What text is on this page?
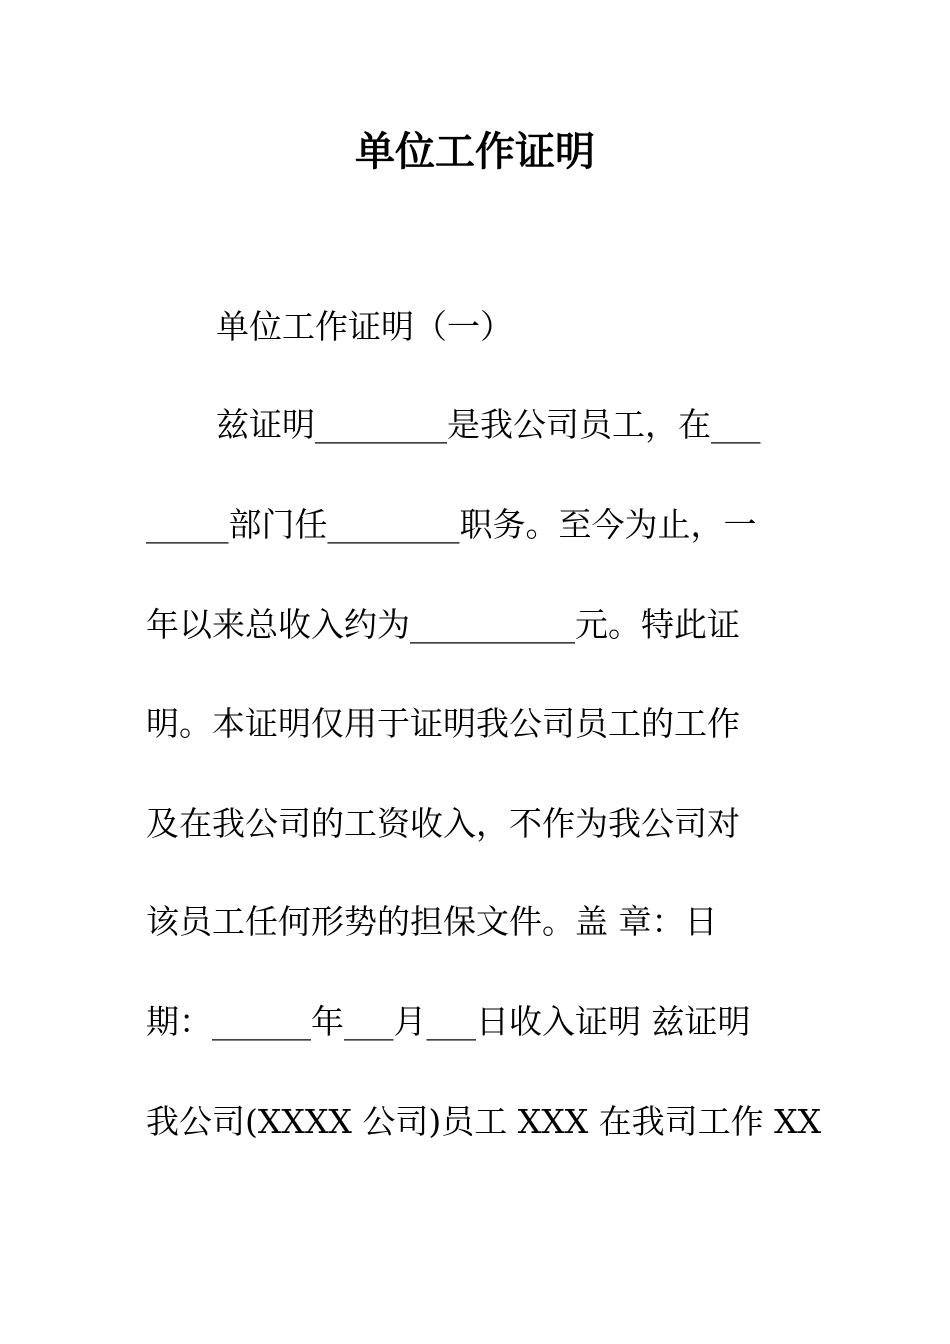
单位工作证明
单位工作证明（一）
兹证明________是我公司员工，在___
_____部门任________职务。至今为止，一
年以来总收入约为__________元。特此证
明。本证明仅用于证明我公司员工的工作
及在我公司的工资收入，不作为我公司对
该员工任何形势的担保文件。盖 章：日
期：______年___月___日收入证明 兹证明
我公司(XXXX 公司)员工 XXX 在我司工作 XX
